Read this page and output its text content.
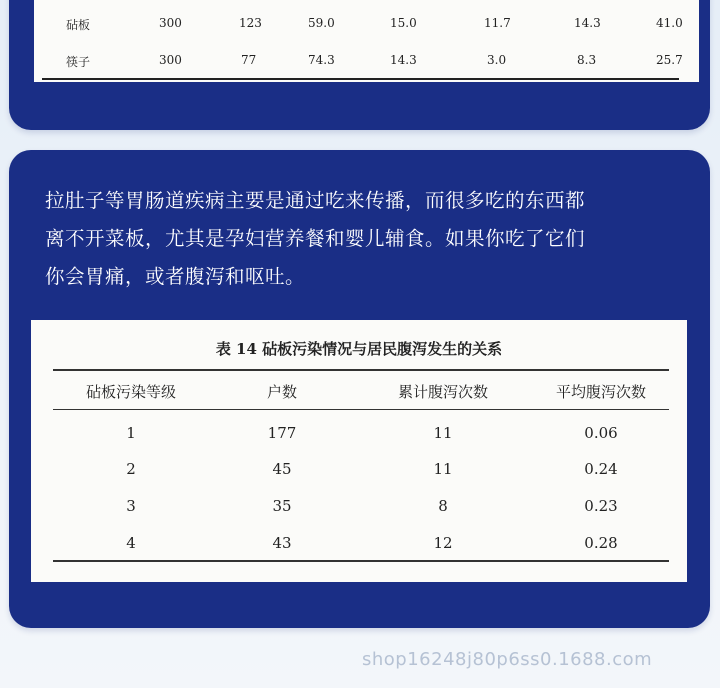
砧板	300	123	59.0	15.0	11.7	14.3	41.0
筷子	300	77	74.3	14.3	3.0	8.3	25.7
拉肚子等胃肠道疾病主要是通过吃来传播，而很多吃的东西都
离不开菜板，尤其是孕妇营养餐和婴儿辅食。如果你吃了它们
你会胃痛，或者腹泻和呕吐。
表 14 砧板污染情况与居民腹泻发生的关系
砧板污染等级	户数	累计腹泻次数	平均腹泻次数
1	177	11	0.06
2	45	11	0.24
3	35	8	0.23
4	43	12	0.28
shop16248j80p6ss0.1688.com
